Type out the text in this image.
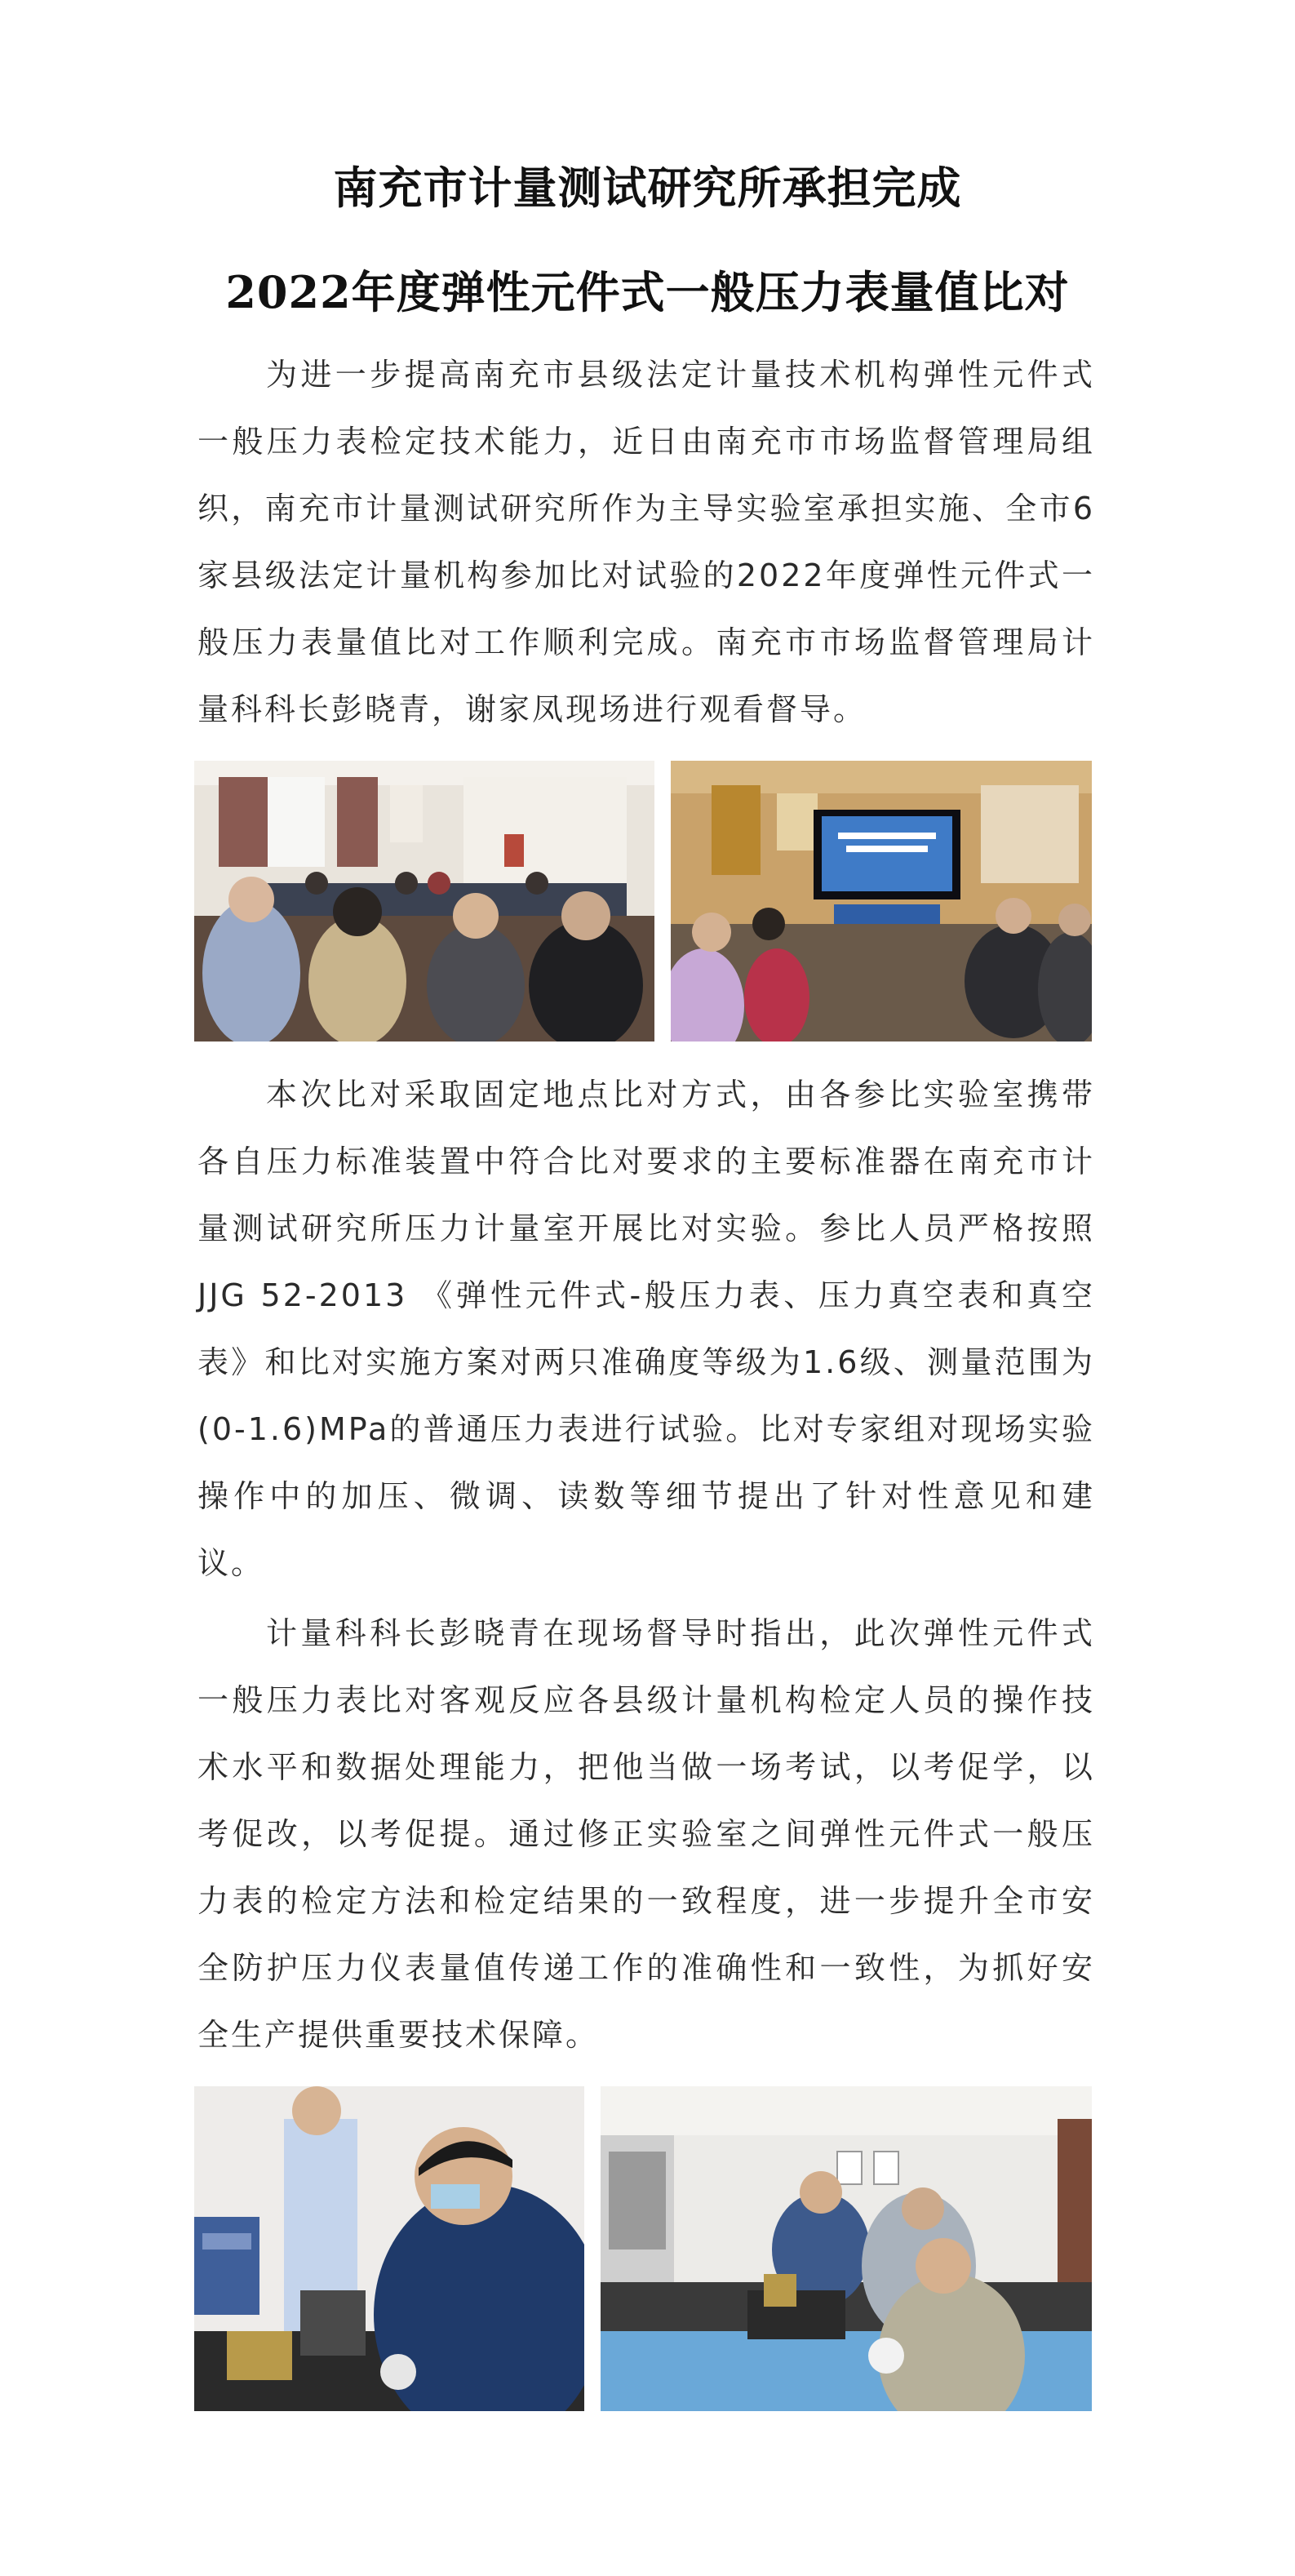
南充市计量测试研究所承担完成
2022年度弹性元件式一般压力表量值比对

为进一步提高南充市县级法定计量技术机构弹性元件式一般压力表检定技术能力，近日由南充市市场监督管理局组织，南充市计量测试研究所作为主导实验室承担实施、全市6家县级法定计量机构参加比对试验的2022年度弹性元件式一般压力表量值比对工作顺利完成。南充市市场监督管理局计量科科长彭晓青，谢家凤现场进行观看督导。

本次比对采取固定地点比对方式，由各参比实验室携带各自压力标准装置中符合比对要求的主要标准器在南充市计量测试研究所压力计量室开展比对实验。参比人员严格按照JJG 52-2013 《弹性元件式-般压力表、压力真空表和真空表》和比对实施方案对两只准确度等级为1.6级、测量范围为(0-1.6)MPa的普通压力表进行试验。比对专家组对现场实验操作中的加压、微调、读数等细节提出了针对性意见和建议。

计量科科长彭晓青在现场督导时指出，此次弹性元件式一般压力表比对客观反应各县级计量机构检定人员的操作技术水平和数据处理能力，把他当做一场考试，以考促学，以考促改，以考促提。通过修正实验室之间弹性元件式一般压力表的检定方法和检定结果的一致程度，进一步提升全市安全防护压力仪表量值传递工作的准确性和一致性，为抓好安全生产提供重要技术保障。
